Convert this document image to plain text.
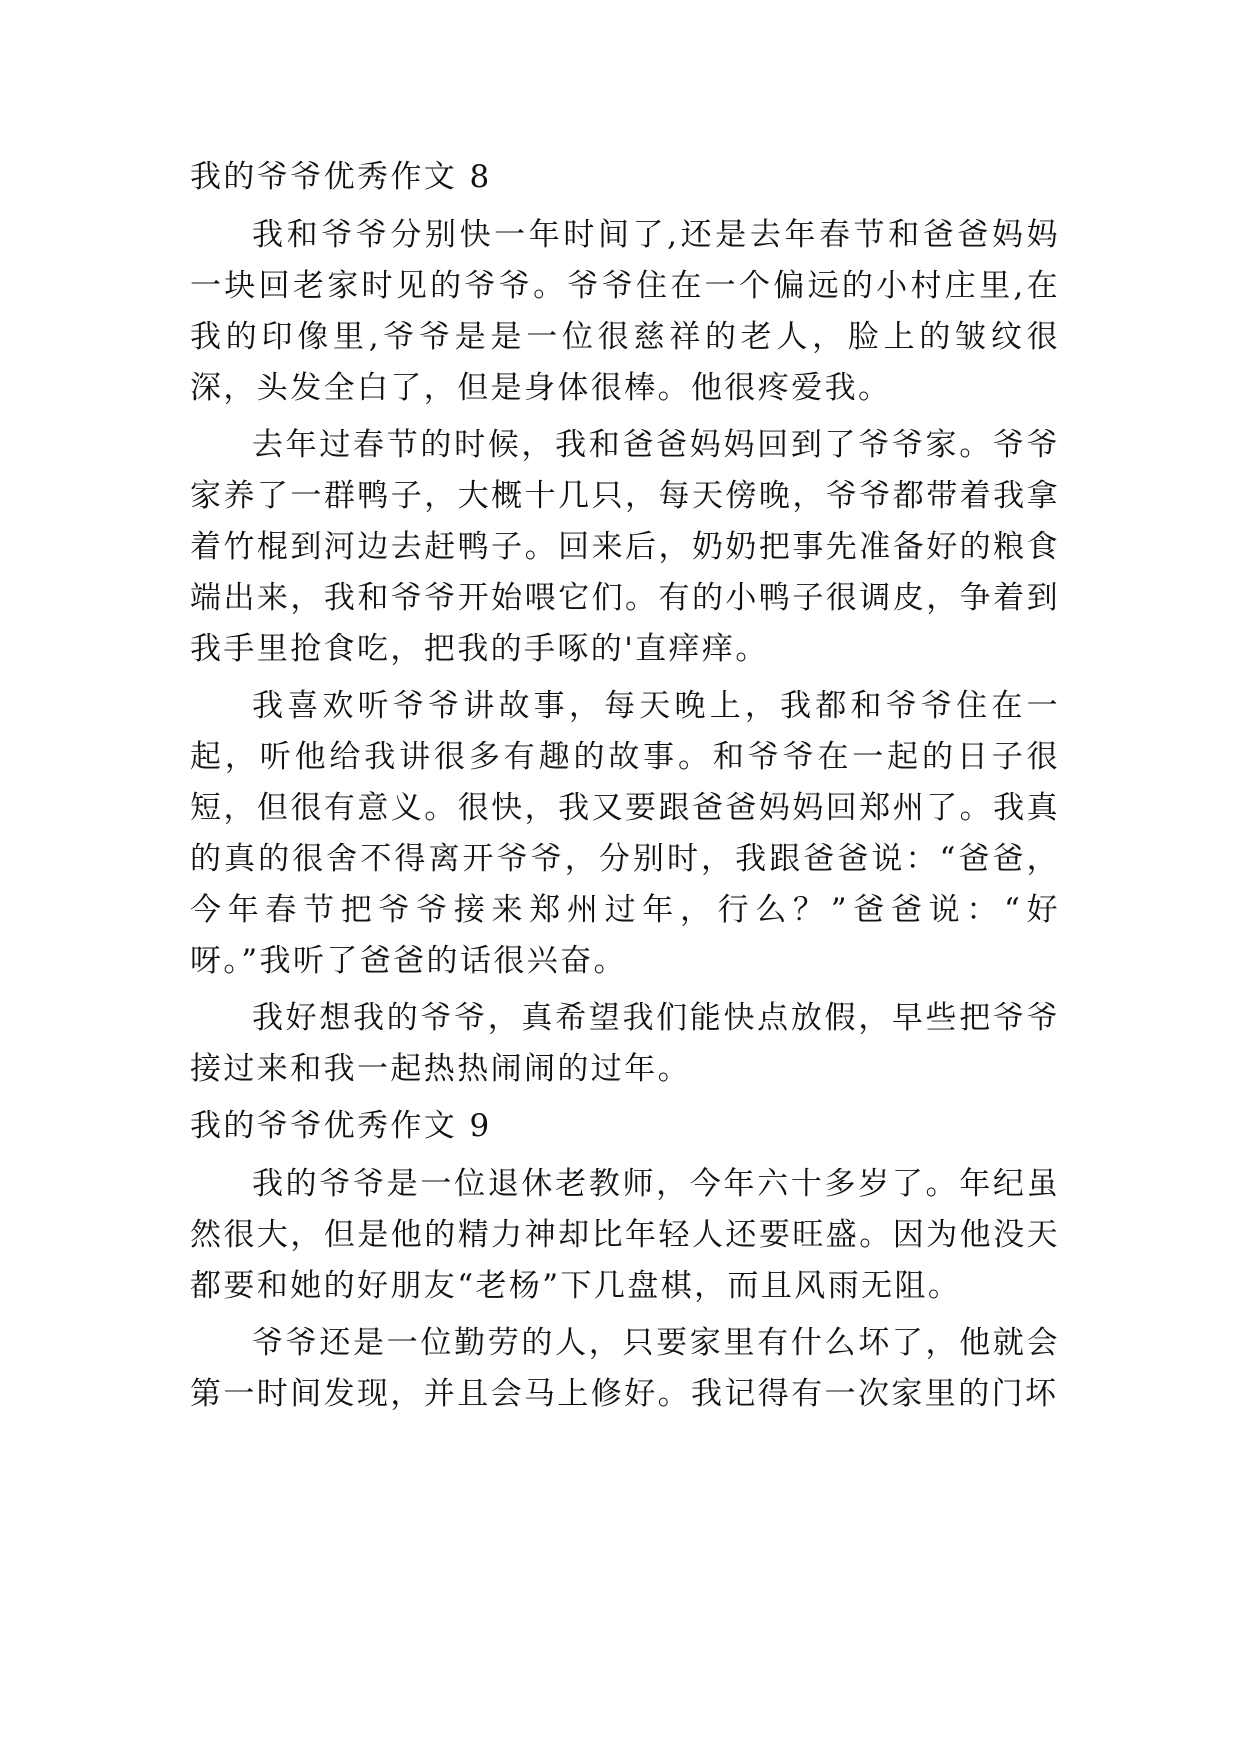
我的爷爷优秀作文 8

我和爷爷分别快一年时间了,还是去年春节和爸爸妈妈一块回老家时见的爷爷。爷爷住在一个偏远的小村庄里,在我的印像里,爷爷是是一位很慈祥的老人，脸上的皱纹很深，头发全白了，但是身体很棒。他很疼爱我。

去年过春节的时候，我和爸爸妈妈回到了爷爷家。爷爷家养了一群鸭子，大概十几只，每天傍晚，爷爷都带着我拿着竹棍到河边去赶鸭子。回来后，奶奶把事先准备好的粮食端出来，我和爷爷开始喂它们。有的小鸭子很调皮，争着到我手里抢食吃，把我的手啄的'直痒痒。

我喜欢听爷爷讲故事，每天晚上，我都和爷爷住在一起，听他给我讲很多有趣的故事。和爷爷在一起的日子很短，但很有意义。很快，我又要跟爸爸妈妈回郑州了。我真的真的很舍不得离开爷爷，分别时，我跟爸爸说：“爸爸，今年春节把爷爷接来郑州过年，行么？”爸爸说：“好呀。”我听了爸爸的话很兴奋。

我好想我的爷爷，真希望我们能快点放假，早些把爷爷接过来和我一起热热闹闹的过年。

我的爷爷优秀作文 9

我的爷爷是一位退休老教师，今年六十多岁了。年纪虽然很大，但是他的精力神却比年轻人还要旺盛。因为他没天都要和她的好朋友“老杨”下几盘棋，而且风雨无阻。

爷爷还是一位勤劳的人，只要家里有什么坏了，他就会第一时间发现，并且会马上修好。我记得有一次家里的门坏
